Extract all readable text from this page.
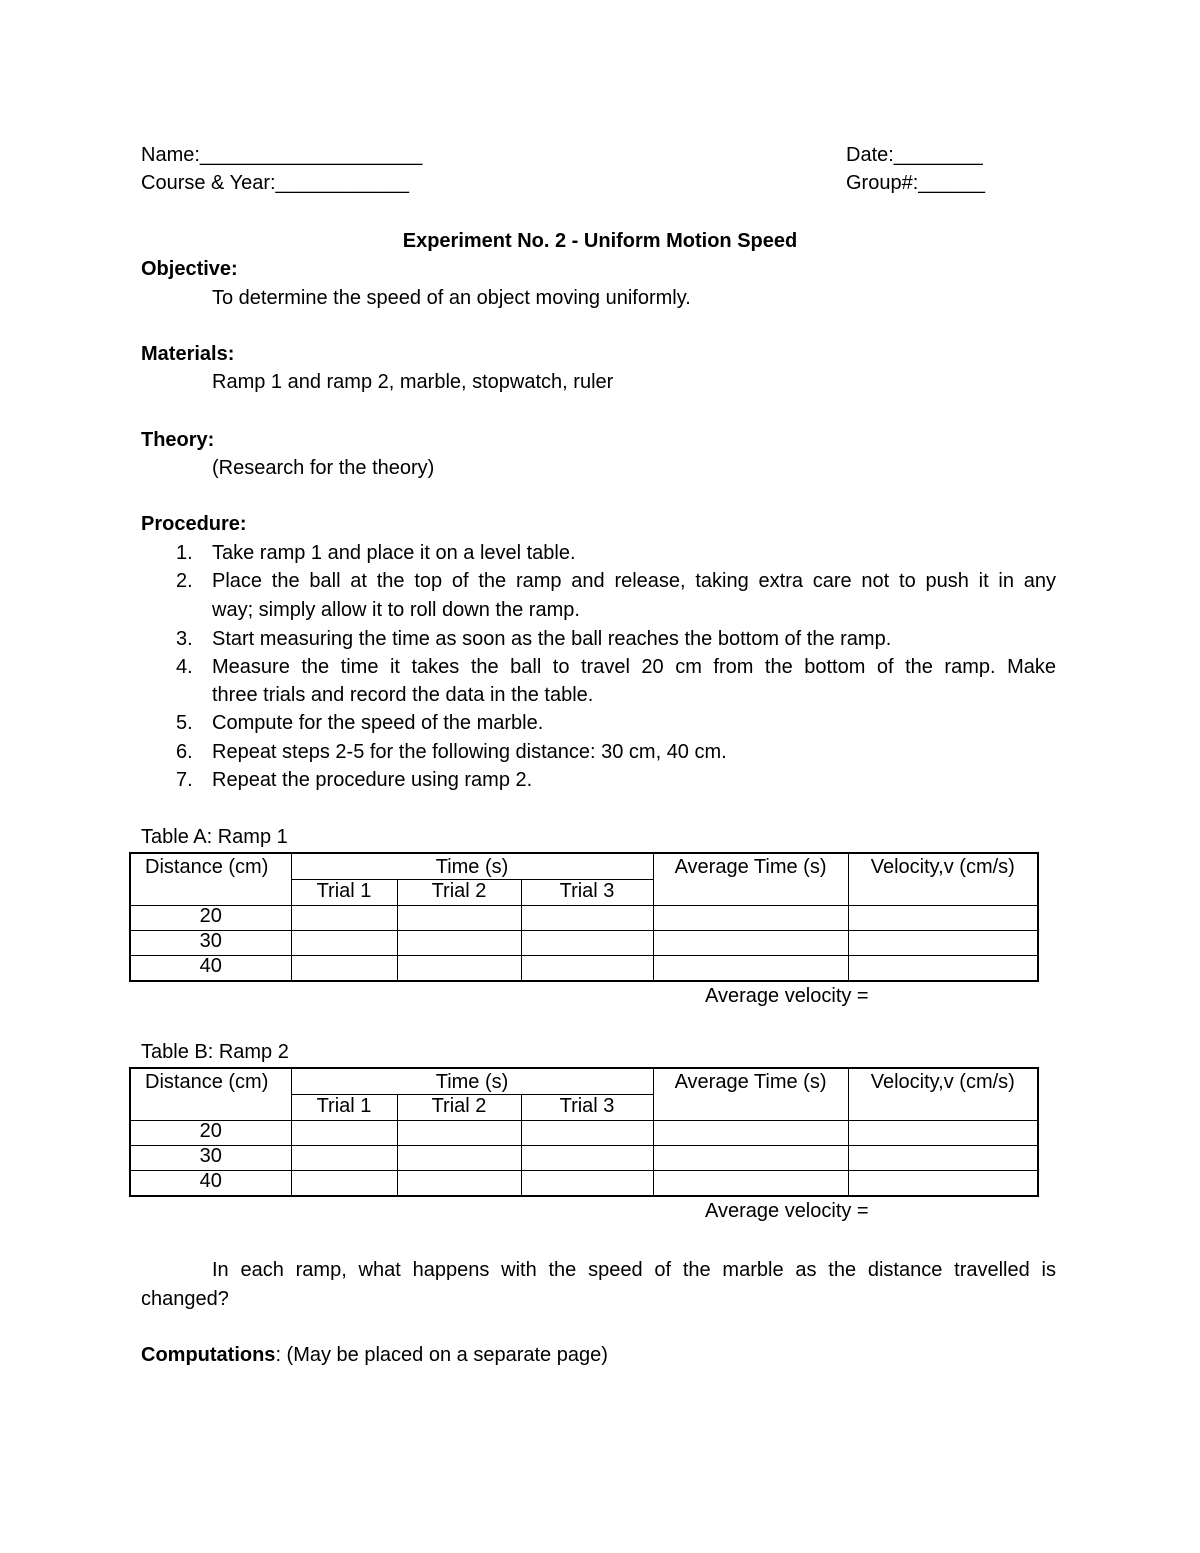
Name:____________________	Date:________
Course & Year:____________	Group#:______
Experiment No. 2 - Uniform Motion Speed
Objective:
To determine the speed of an object moving uniformly.
Materials:
Ramp 1 and ramp 2, marble, stopwatch, ruler
Theory:
(Research for the theory)
Procedure:
1. Take ramp 1 and place it on a level table.
2. Place the ball at the top of the ramp and release, taking extra care not to push it in any
way; simply allow it to roll down the ramp.
3. Start measuring the time as soon as the ball reaches the bottom of the ramp.
4. Measure the time it takes the ball to travel 20 cm from the bottom of the ramp. Make
three trials and record the data in the table.
5. Compute for the speed of the marble.
6. Repeat steps 2-5 for the following distance: 30 cm, 40 cm.
7. Repeat the procedure using ramp 2.
Table A: Ramp 1
Distance (cm)	Time (s)			Average Time (s)	Velocity,v (cm/s)
	Trial 1	Trial 2	Trial 3		
20					
30					
40					
Average velocity =
Table B: Ramp 2
Distance (cm)	Time (s)			Average Time (s)	Velocity,v (cm/s)
	Trial 1	Trial 2	Trial 3		
20					
30					
40					
Average velocity =
In each ramp, what happens with the speed of the marble as the distance travelled is
changed?
Computations: (May be placed on a separate page)
